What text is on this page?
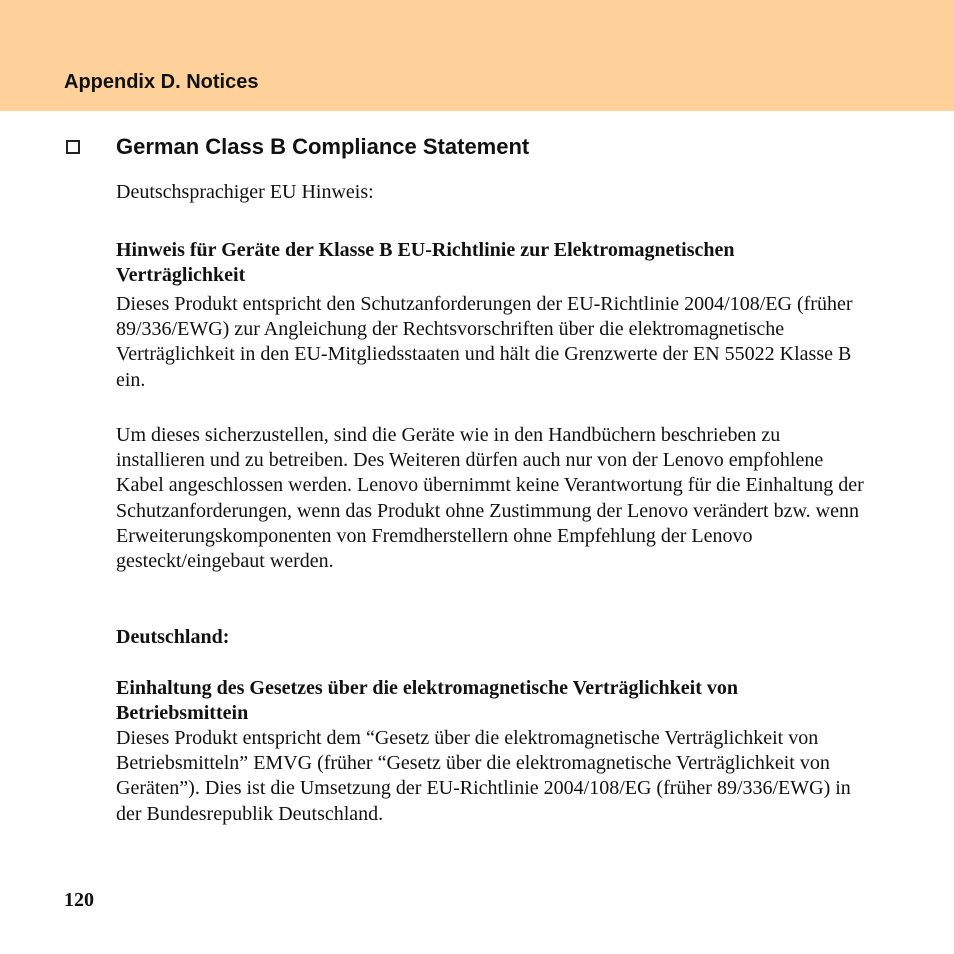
Appendix D. Notices
German Class B Compliance Statement
Deutschsprachiger EU Hinweis:
Hinweis für Geräte der Klasse B EU-Richtlinie zur Elektromagnetischen Verträglichkeit
Dieses Produkt entspricht den Schutzanforderungen der EU-Richtlinie 2004/108/EG (früher 89/336/EWG) zur Angleichung der Rechtsvorschriften über die elektromagnetische Verträglichkeit in den EU-Mitgliedsstaaten und hält die Grenzwerte der EN 55022 Klasse B ein.
Um dieses sicherzustellen, sind die Geräte wie in den Handbüchern beschrieben zu installieren und zu betreiben. Des Weiteren dürfen auch nur von der Lenovo empfohlene Kabel angeschlossen werden. Lenovo übernimmt keine Verantwortung für die Einhaltung der Schutzanforderungen, wenn das Produkt ohne Zustimmung der Lenovo verändert bzw. wenn Erweiterungskomponenten von Fremdherstellern ohne Empfehlung der Lenovo gesteckt/eingebaut werden.
Deutschland:
Einhaltung des Gesetzes über die elektromagnetische Verträglichkeit von Betriebsmittein
Dieses Produkt entspricht dem “Gesetz über die elektromagnetische Verträglichkeit von Betriebsmitteln” EMVG (früher “Gesetz über die elektromagnetische Verträglichkeit von Geräten”). Dies ist die Umsetzung der EU-Richtlinie 2004/108/EG (früher 89/336/EWG) in der Bundesrepublik Deutschland.
120
